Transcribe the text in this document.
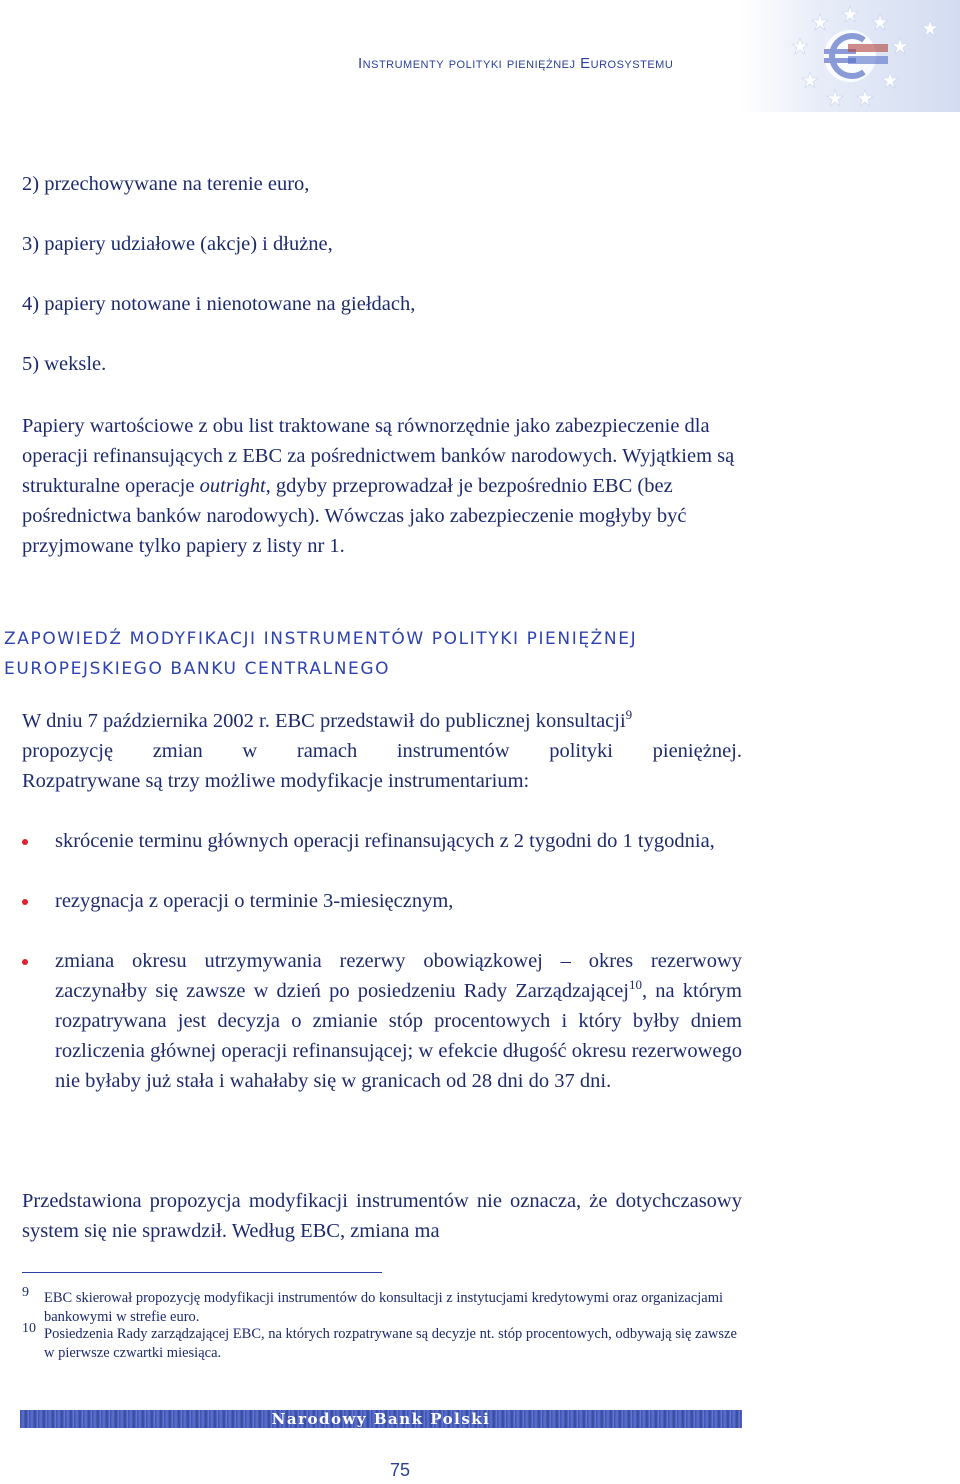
Instrumenty polityki pieniężnej Eurosystemu

2) przechowywane na terenie euro,

3) papiery udziałowe (akcje) i dłużne,

4) papiery notowane i nienotowane na giełdach,

5) weksle.

Papiery wartościowe z obu list traktowane są równorzędnie jako zabezpieczenie dla operacji refinansujących z EBC za pośrednictwem banków narodowych. Wyjątkiem są strukturalne operacje outright, gdyby przeprowadzał je bezpośrednio EBC (bez pośrednictwa banków narodowych). Wówczas jako zabezpieczenie mogłyby być przyjmowane tylko papiery z listy nr 1.

ZAPOWIEDŹ MODYFIKACJI INSTRUMENTÓW POLITYKI PIENIĘŻNEJ EUROPEJSKIEGO BANKU CENTRALNEGO
W dniu 7 października 2002 r. EBC przedstawił do publicznej konsultacji$^9$
propozycję zmian w ramach instrumentów polityki pieniężnej.
Rozpatrywane są trzy możliwe modyfikacje instrumentarium:
skrócenie terminu głównych operacji refinansujących z 2 tygodni do 1 tygodnia,
rezygnacja z operacji o terminie 3-miesięcznym,
zmiana okresu utrzymywania rezerwy obowiązkowej – okres rezerwowy zaczynałby się zawsze w dzień po posiedzeniu Rady Zarządzającej$^{10}$, na którym rozpatrywana jest decyzja o zmianie stóp procentowych i który byłby dniem rozliczenia głównej operacji refinansującej; w efekcie długość okresu rezerwowego nie byłaby już stała i wahałaby się w granicach od 28 dni do 37 dni.

Przedstawiona propozycja modyfikacji instrumentów nie oznacza, że dotychczasowy system się nie sprawdził. Według EBC, zmiana ma

9 EBC skierował propozycję modyfikacji instrumentów do konsultacji z instytucjami kredytowymi oraz organizacjami bankowymi w strefie euro.
10 Posiedzenia Rady zarządzającej EBC, na których rozpatrywane są decyzje nt. stóp procentowych, odbywają się zawsze w pierwsze czwartki miesiąca.
Narodowy Bank Polski
75
